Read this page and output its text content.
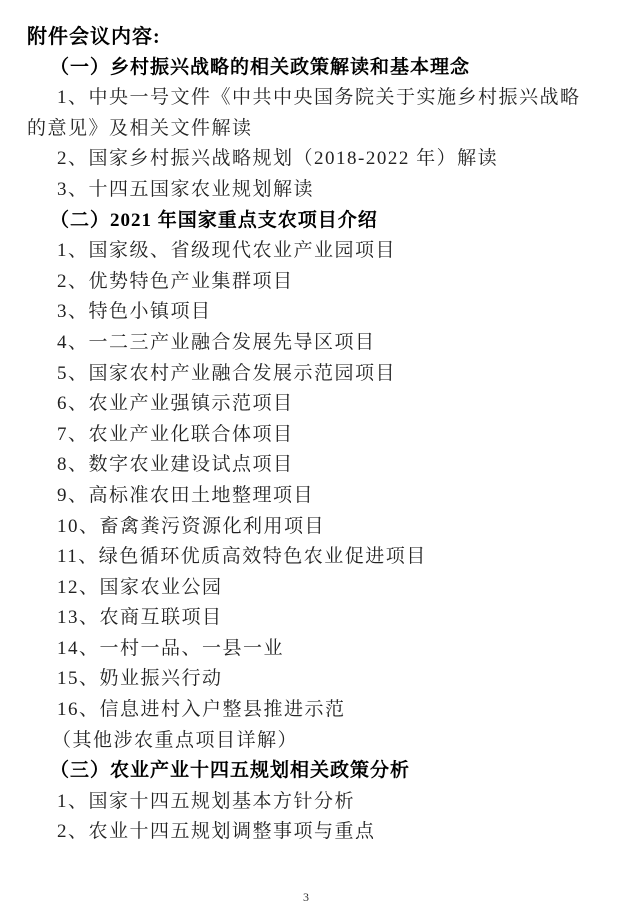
附件会议内容:
（一）乡村振兴战略的相关政策解读和基本理念
1、中央一号文件《中共中央国务院关于实施乡村振兴战略
的意见》及相关文件解读
2、国家乡村振兴战略规划（2018-2022 年）解读
3、十四五国家农业规划解读
（二）2021 年国家重点支农项目介绍
1、国家级、省级现代农业产业园项目
2、优势特色产业集群项目
3、特色小镇项目
4、一二三产业融合发展先导区项目
5、国家农村产业融合发展示范园项目
6、农业产业强镇示范项目
7、农业产业化联合体项目
8、数字农业建设试点项目
9、高标准农田土地整理项目
10、畜禽粪污资源化利用项目
11、绿色循环优质高效特色农业促进项目
12、国家农业公园
13、农商互联项目
14、一村一品、一县一业
15、奶业振兴行动
16、信息进村入户整县推进示范
（其他涉农重点项目详解）
（三）农业产业十四五规划相关政策分析
1、国家十四五规划基本方针分析
2、农业十四五规划调整事项与重点
3
